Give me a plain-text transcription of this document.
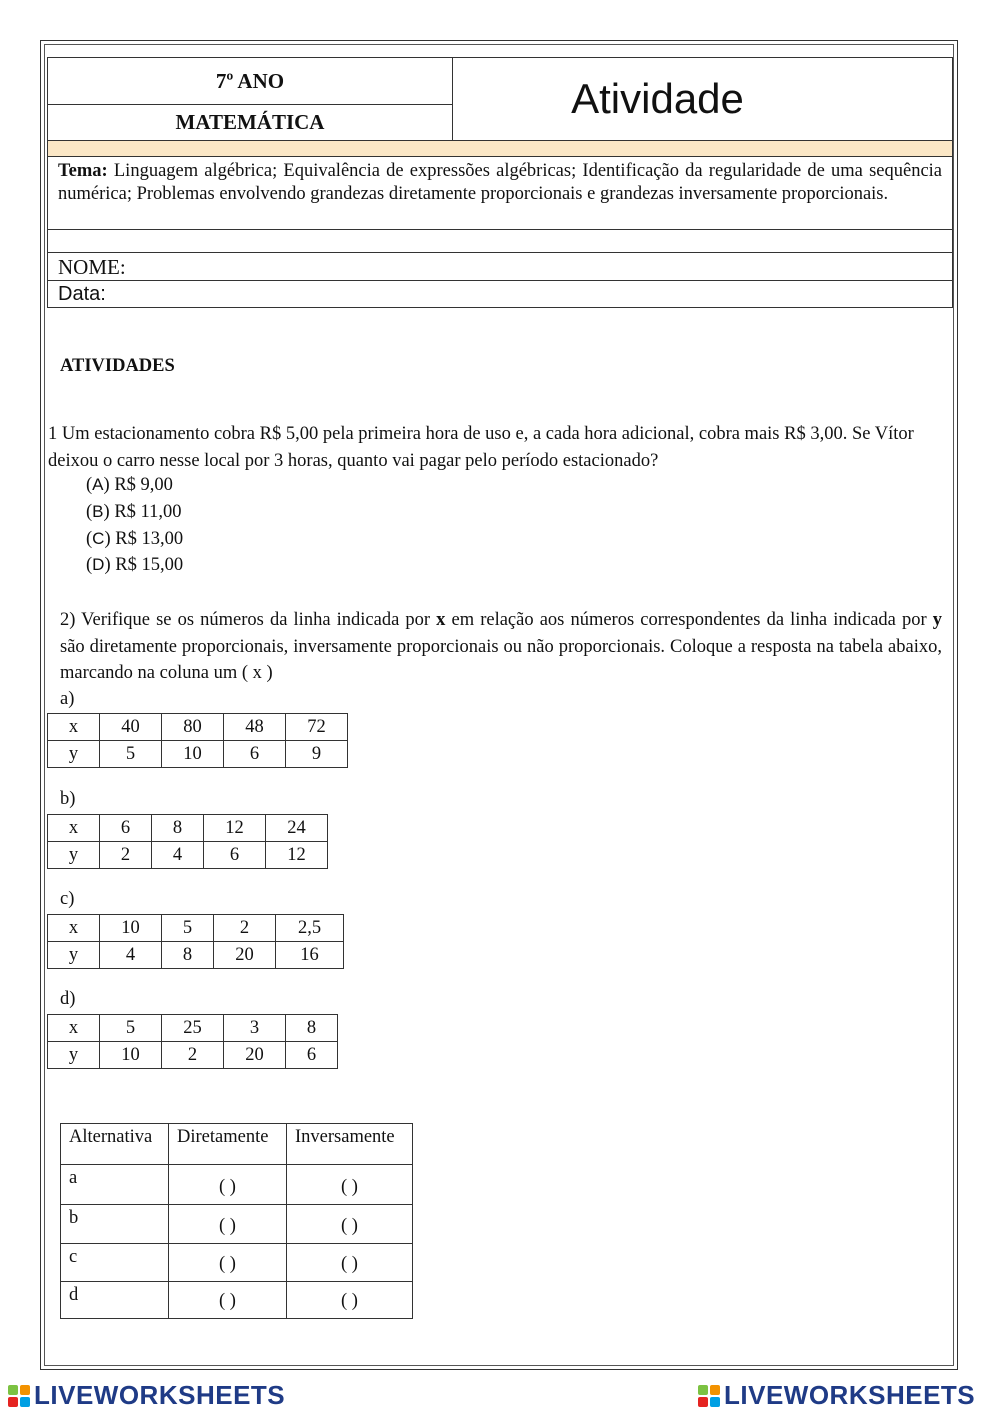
7º ANO
MATEMÁTICA	Atividade
Tema: Linguagem algébrica; Equivalência de expressões algébricas; Identificação da regularidade de uma sequência numérica; Problemas envolvendo grandezas diretamente proporcionais e grandezas inversamente proporcionais.
NOME:
Data:
ATIVIDADES
1 Um estacionamento cobra R$ 5,00 pela primeira hora de uso e, a cada hora adicional, cobra mais R$ 3,00. Se Vítor deixou o carro nesse local por 3 horas, quanto vai pagar pelo período estacionado?
(A) R$ 9,00
(B) R$ 11,00
(C) R$ 13,00
(D) R$ 15,00
2) Verifique se os números da linha indicada por x em relação aos números correspondentes da linha indicada por y são diretamente proporcionais, inversamente proporcionais ou não proporcionais. Coloque a resposta na tabela abaixo, marcando na coluna um ( x )
a)
x	40	80	48	72
y	5	10	6	9
b)
x	6	8	12	24
y	2	4	6	12
c)
x	10	5	2	2,5
y	4	8	20	16
d)
x	5	25	3	8
y	10	2	20	6
Alternativa	Diretamente	Inversamente
a	( )	( )
b	( )	( )
c	( )	( )
d	( )	( )
LIVEWORKSHEETS	LIVEWORKSHEETS
